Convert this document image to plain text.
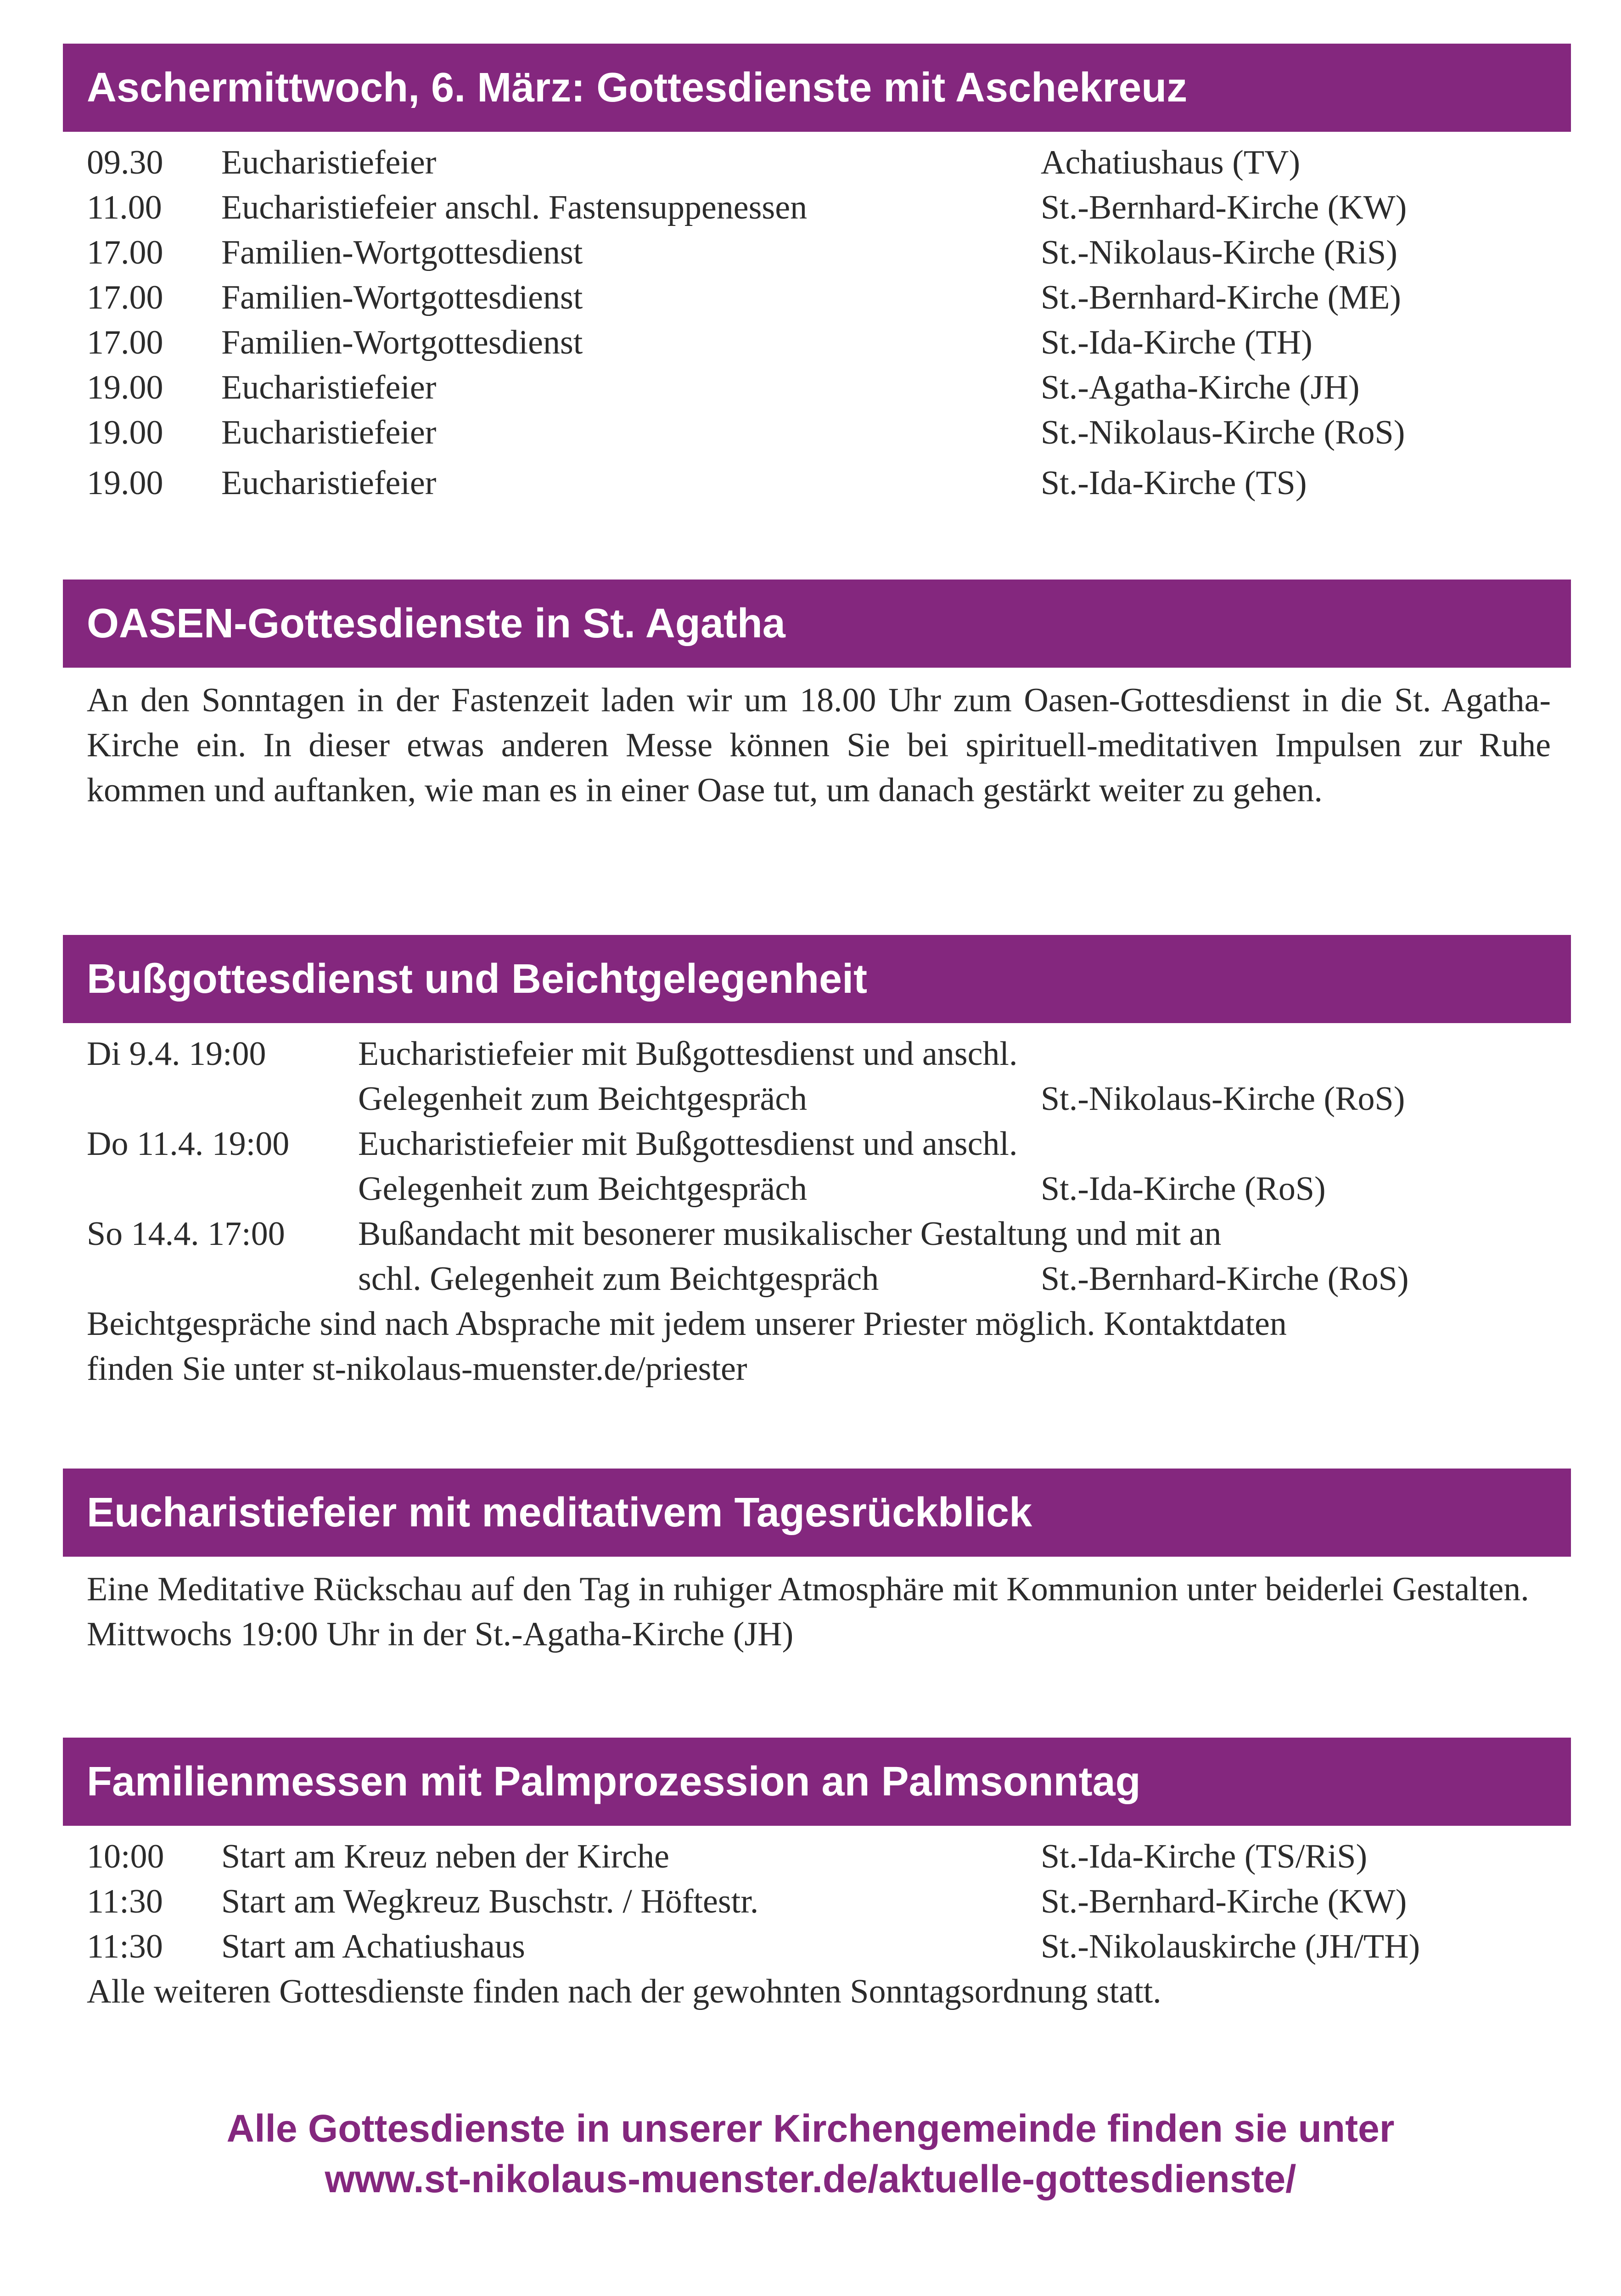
Aschermittwoch, 6. März: Gottesdienste mit Aschekreuz
09.30 Eucharistiefeier	Achatiushaus (TV)
11.00 Eucharistiefeier anschl. Fastensuppenessen	St.-Bernhard-Kirche (KW)
17.00 Familien-Wortgottesdienst	St.-Nikolaus-Kirche (RiS)
17.00 Familien-Wortgottesdienst	St.-Bernhard-Kirche (ME)
17.00 Familien-Wortgottesdienst	St.-Ida-Kirche (TH)
19.00 Eucharistiefeier	St.-Agatha-Kirche (JH)
19.00 Eucharistiefeier	St.-Nikolaus-Kirche (RoS)
19.00 Eucharistiefeier	St.-Ida-Kirche (TS)
OASEN-Gottesdienste in St. Agatha
An den Sonntagen in der Fastenzeit laden wir um 18.00 Uhr zum Oasen-Gottesdienst in die St. Agatha-Kirche ein. In dieser etwas anderen Messe können Sie bei spirituell-meditativen Impulsen zur Ruhe kommen und auftanken, wie man es in einer Oase tut, um danach gestärkt weiter zu gehen.
Bußgottesdienst und Beichtgelegenheit
Di 9.4. 19:00	Eucharistiefeier mit Bußgottesdienst und anschl.
Gelegenheit zum Beichtgespräch	St.-Nikolaus-Kirche (RoS)
Do 11.4. 19:00 Eucharistiefeier mit Bußgottesdienst und anschl.
Gelegenheit zum Beichtgespräch	St.-Ida-Kirche (RoS)
So 14.4. 17:00 Bußandacht mit besonerer musikalischer Gestaltung und mit an
schl. Gelegenheit zum Beichtgespräch	St.-Bernhard-Kirche (RoS)
Beichtgespräche sind nach Absprache mit jedem unserer Priester möglich. Kontaktdaten
finden Sie unter st-nikolaus-muenster.de/priester
Eucharistiefeier mit meditativem Tagesrückblick
Eine Meditative Rückschau auf den Tag in ruhiger Atmosphäre mit Kommunion unter beiderlei Gestalten. Mittwochs 19:00 Uhr in der St.-Agatha-Kirche (JH)
Familienmessen mit Palmprozession an Palmsonntag
10:00 Start am Kreuz neben der Kirche	St.-Ida-Kirche (TS/RiS)
11:30 Start am Wegkreuz Buschstr. / Höftestr.	St.-Bernhard-Kirche (KW)
11:30 Start am Achatiushaus	St.-Nikolauskirche (JH/TH)
Alle weiteren Gottesdienste finden nach der gewohnten Sonntagsordnung statt.
Alle Gottesdienste in unserer Kirchengemeinde finden sie unter
www.st-nikolaus-muenster.de/aktuelle-gottesdienste/
